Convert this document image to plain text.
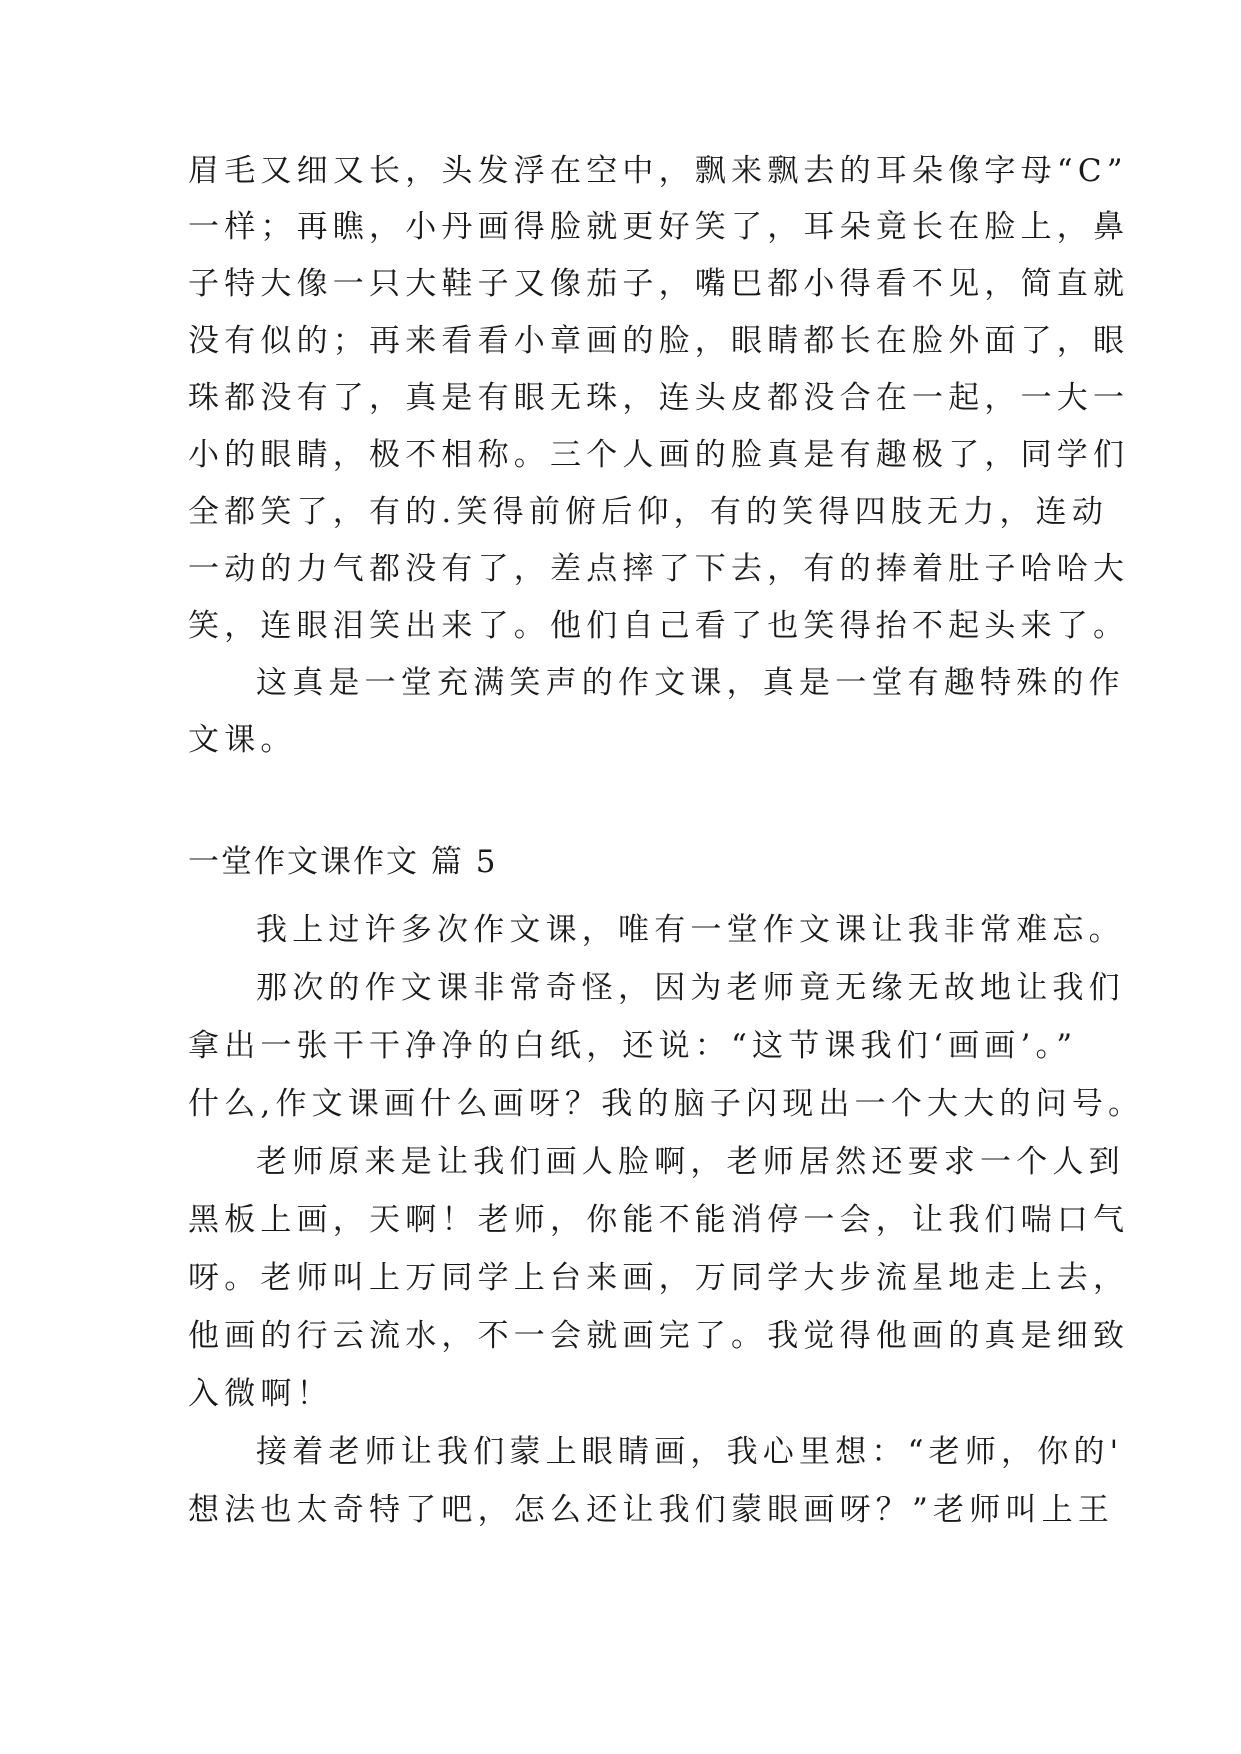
眉毛又细又长，头发浮在空中，飘来飘去的耳朵像字母“C”
一样；再瞧，小丹画得脸就更好笑了，耳朵竟长在脸上，鼻
子特大像一只大鞋子又像茄子，嘴巴都小得看不见，简直就
没有似的；再来看看小章画的脸，眼睛都长在脸外面了，眼
珠都没有了，真是有眼无珠，连头皮都没合在一起，一大一
小的眼睛，极不相称。三个人画的脸真是有趣极了，同学们
全都笑了，有的.笑得前俯后仰，有的笑得四肢无力，连动
一动的力气都没有了，差点摔了下去，有的捧着肚子哈哈大
笑，连眼泪笑出来了。他们自己看了也笑得抬不起头来了。
这真是一堂充满笑声的作文课，真是一堂有趣特殊的作
文课。
一堂作文课作文 篇 5
我上过许多次作文课，唯有一堂作文课让我非常难忘。
那次的作文课非常奇怪，因为老师竟无缘无故地让我们
拿出一张干干净净的白纸，还说：“这节课我们‘画画’。”
什么,作文课画什么画呀？我的脑子闪现出一个大大的问号。
老师原来是让我们画人脸啊，老师居然还要求一个人到
黑板上画，天啊！老师，你能不能消停一会，让我们喘口气
呀。老师叫上万同学上台来画，万同学大步流星地走上去，
他画的行云流水，不一会就画完了。我觉得他画的真是细致
入微啊！
接着老师让我们蒙上眼睛画，我心里想：“老师，你的'
想法也太奇特了吧，怎么还让我们蒙眼画呀？”老师叫上王
